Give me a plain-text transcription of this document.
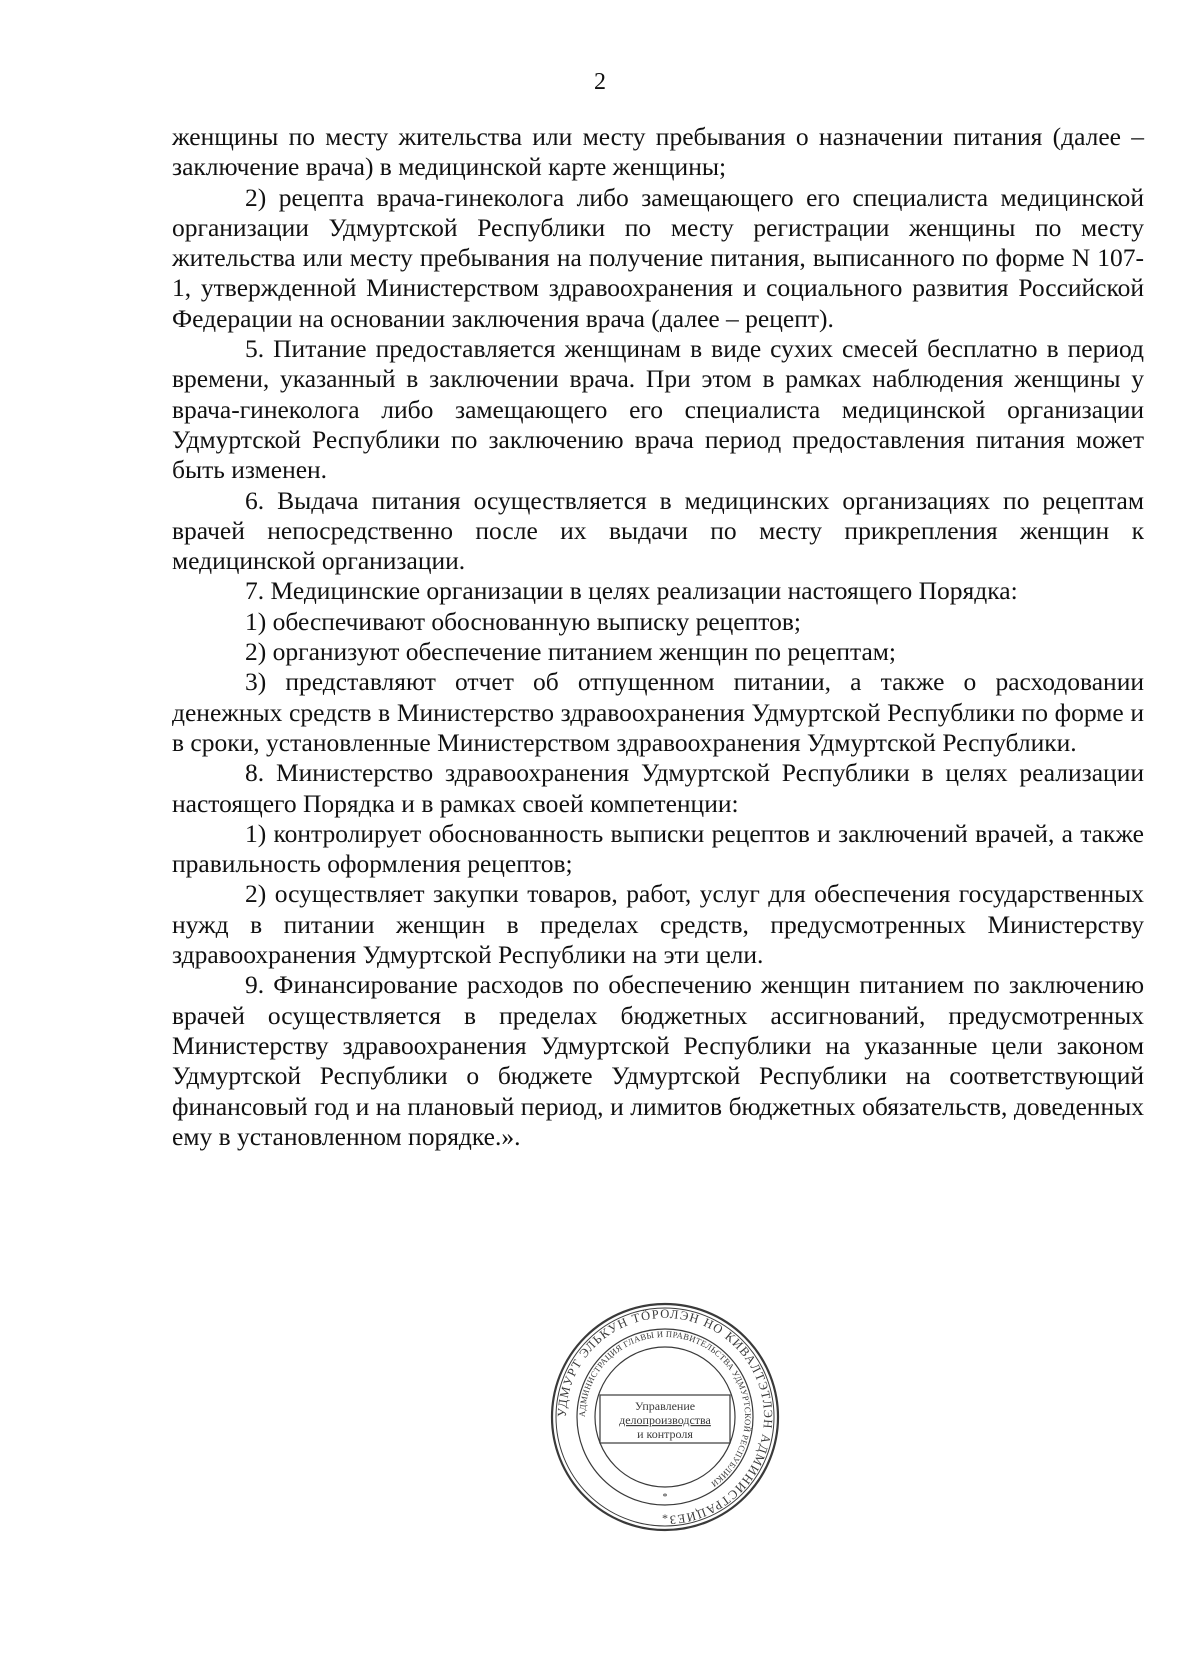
2

женщины по месту жительства или месту пребывания о назначении питания (далее – заключение врача) в медицинской карте женщины;

2) рецепта врача-гинеколога либо замещающего его специалиста медицинской организации Удмуртской Республики по месту регистрации женщины по месту жительства или месту пребывания на получение питания, выписанного по форме N 107-1, утвержденной Министерством здравоохранения и социального развития Российской Федерации на основании заключения врача (далее – рецепт).

5. Питание предоставляется женщинам в виде сухих смесей бесплатно в период времени, указанный в заключении врача. При этом в рамках наблюдения женщины у врача-гинеколога либо замещающего его специалиста медицинской организации Удмуртской Республики по заключению врача период предоставления питания может быть изменен.

6. Выдача питания осуществляется в медицинских организациях по рецептам врачей непосредственно после их выдачи по месту прикрепления женщин к медицинской организации.

7. Медицинские организации в целях реализации настоящего Порядка:

1) обеспечивают обоснованную выписку рецептов;

2) организуют обеспечение питанием женщин по рецептам;

3) представляют отчет об отпущенном питании, а также о расходовании денежных средств в Министерство здравоохранения Удмуртской Республики по форме и в сроки, установленные Министерством здравоохранения Удмуртской Республики.

8. Министерство здравоохранения Удмуртской Республики в целях реализации настоящего Порядка и в рамках своей компетенции:

1) контролирует обоснованность выписки рецептов и заключений врачей, а также правильность оформления рецептов;

2) осуществляет закупки товаров, работ, услуг для обеспечения государственных нужд в питании женщин в пределах средств, предусмотренных Министерству здравоохранения Удмуртской Республики на эти цели.

9. Финансирование расходов по обеспечению женщин питанием по заключению врачей осуществляется в пределах бюджетных ассигнований, предусмотренных Министерству здравоохранения Удмуртской Республики на указанные цели законом Удмуртской Республики о бюджете Удмуртской Республики на соответствующий финансовый год и на плановый период, и лимитов бюджетных обязательств, доведенных ему в установленном порядке.».

УДМУРТ ЭЛЬКУН ТӦРОЛЭН НО КИВАЛТЭТЛЭН АДМИНИСТРАЦИЕЗ
АДМИНИСТРАЦИЯ ГЛАВЫ И ПРАВИТЕЛЬСТВА УДМУРТСКОЙ РЕСПУБЛИКИ
Управление
делопроизводства
и контроля
*
*
